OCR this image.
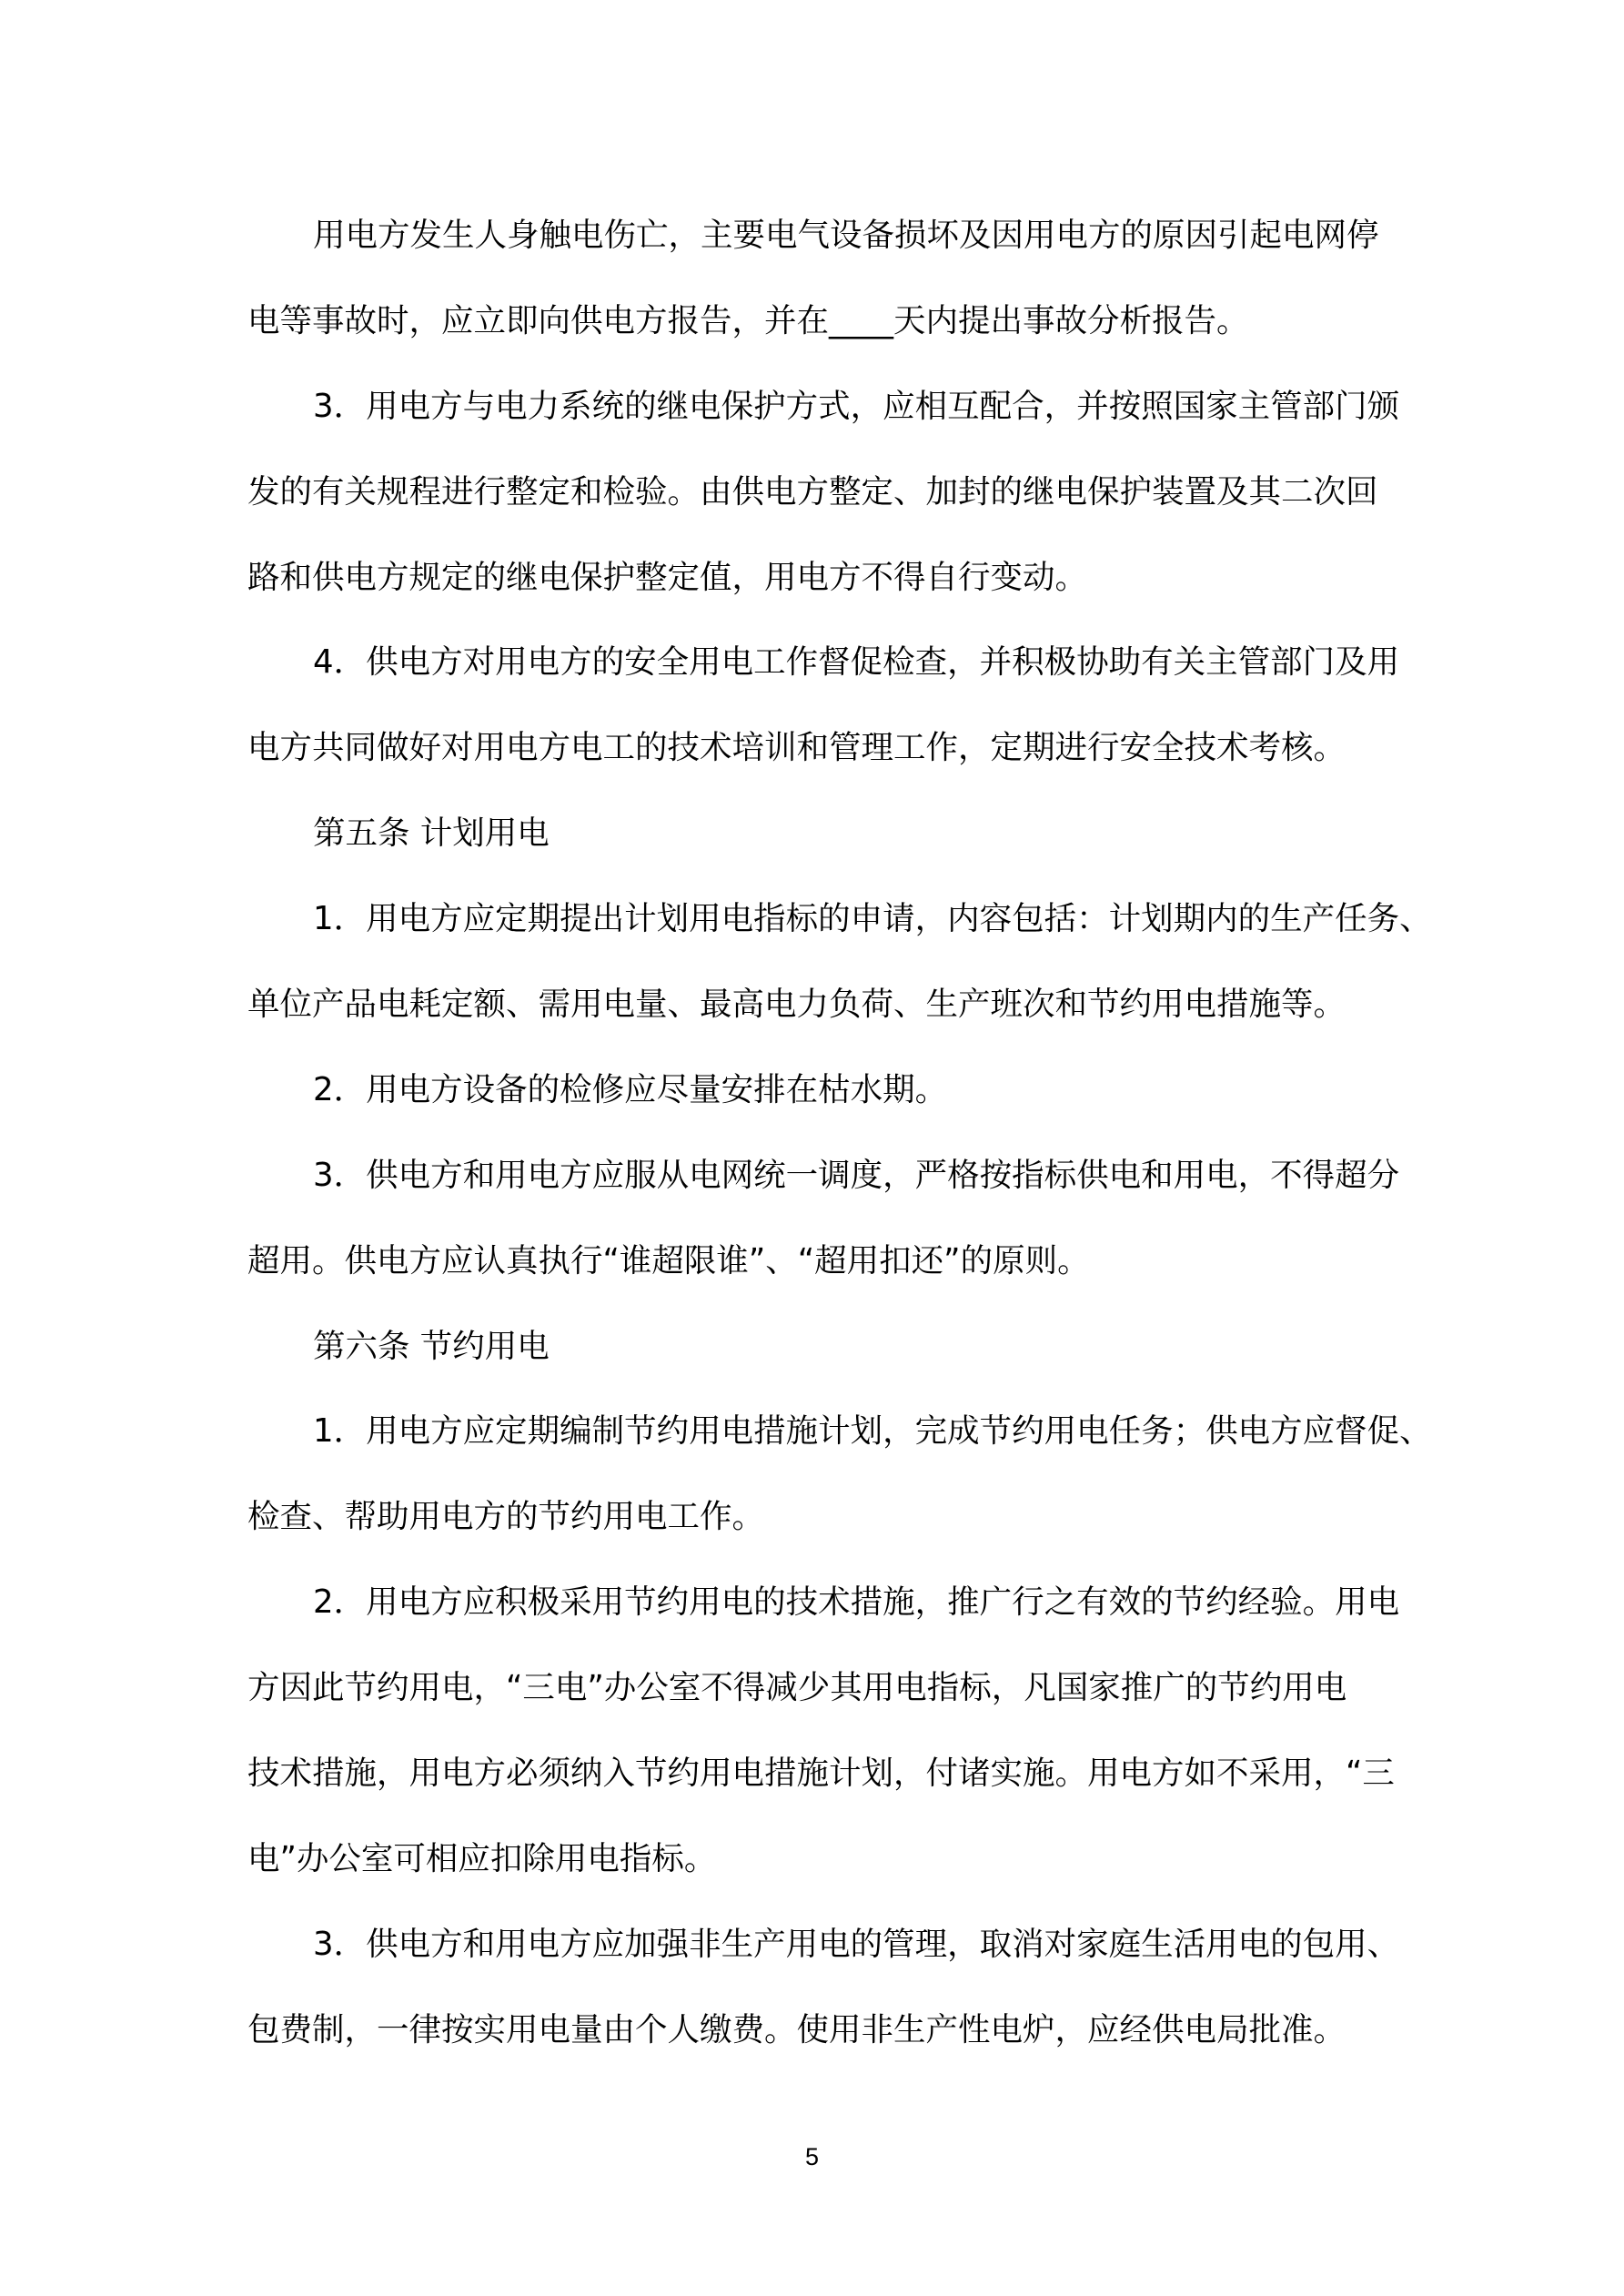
用电方发生人身触电伤亡，主要电气设备损坏及因用电方的原因引起电网停
电等事故时，应立即向供电方报告，并在____天内提出事故分析报告。
3．用电方与电力系统的继电保护方式，应相互配合，并按照国家主管部门颁
发的有关规程进行整定和检验。由供电方整定、加封的继电保护装置及其二次回
路和供电方规定的继电保护整定值，用电方不得自行变动。
4．供电方对用电方的安全用电工作督促检查，并积极协助有关主管部门及用
电方共同做好对用电方电工的技术培训和管理工作，定期进行安全技术考核。
第五条 计划用电
1．用电方应定期提出计划用电指标的申请，内容包括：计划期内的生产任务、
单位产品电耗定额、需用电量、最高电力负荷、生产班次和节约用电措施等。
2．用电方设备的检修应尽量安排在枯水期。
3．供电方和用电方应服从电网统一调度，严格按指标供电和用电，不得超分
超用。供电方应认真执行“谁超限谁”、“超用扣还”的原则。
第六条 节约用电
1．用电方应定期编制节约用电措施计划，完成节约用电任务；供电方应督促、
检查、帮助用电方的节约用电工作。
2．用电方应积极采用节约用电的技术措施，推广行之有效的节约经验。用电
方因此节约用电，“三电”办公室不得减少其用电指标，凡国家推广的节约用电
技术措施，用电方必须纳入节约用电措施计划，付诸实施。用电方如不采用，“三
电”办公室可相应扣除用电指标。
3．供电方和用电方应加强非生产用电的管理，取消对家庭生活用电的包用、
包费制，一律按实用电量由个人缴费。使用非生产性电炉，应经供电局批准。
5
